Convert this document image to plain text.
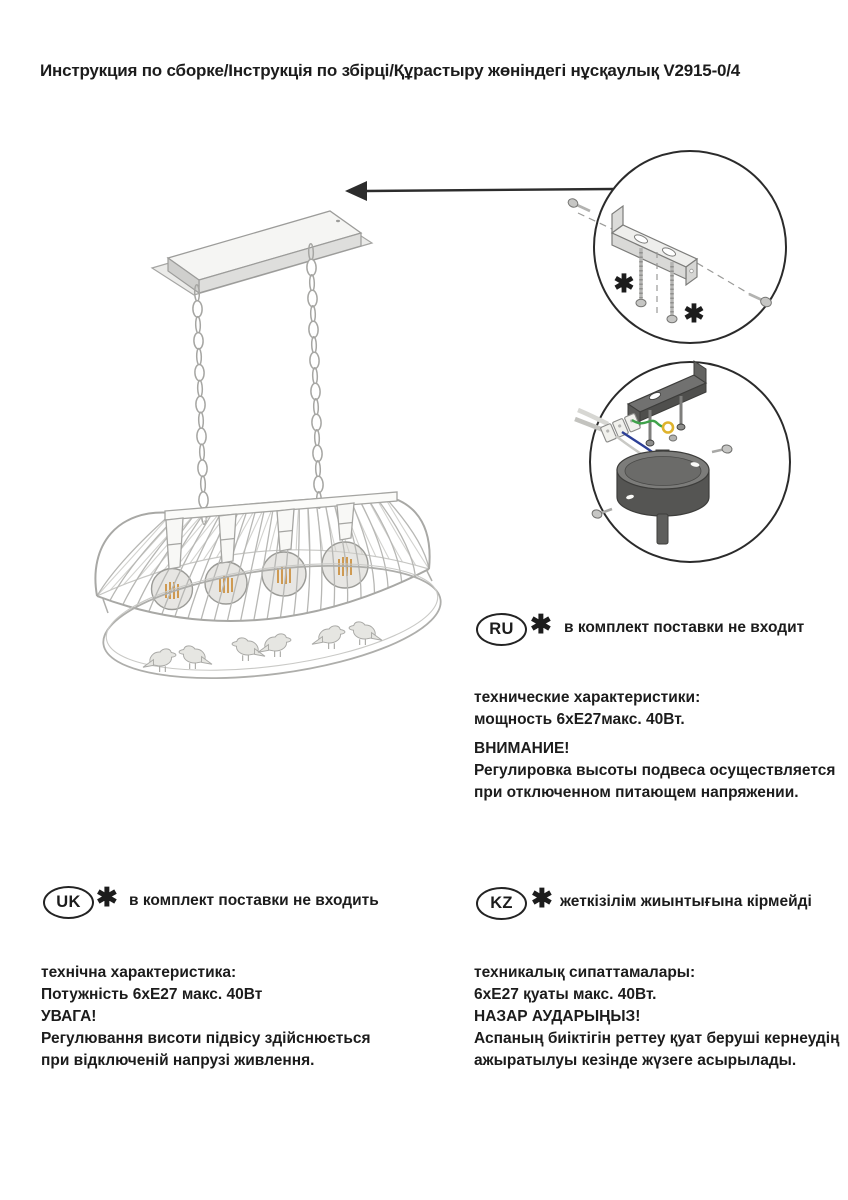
✱
✱
Инструкция по сборке/Інструкція по збірці/Құрастыру жөніндегі нұсқаулық V2915-0/4
RU ✱ в комплект поставки не входит
технические характеристики:
мощность 6хЕ27макс. 40Вт.
ВНИМАНИЕ!
Регулировка высоты подвеса осуществляется
при отключенном питающем напряжении.
UK ✱ в комплект поставки не входить
технічна характеристика:
Потужність 6хЕ27 макс. 40Вт
УВАГА!
Регулювання висоти підвісу здійснюється
при відключеній напрузі живлення.
KZ ✱ жеткізілім жиынтығына кірмейді
техникалық сипаттамалары:
6хЕ27 қуаты макс. 40Вт.
НАЗАР АУДАРЫҢЫЗ!
Аспаның биіктігін реттеу қуат беруші кернеудің
ажыратылуы кезінде жүзеге асырылады.
